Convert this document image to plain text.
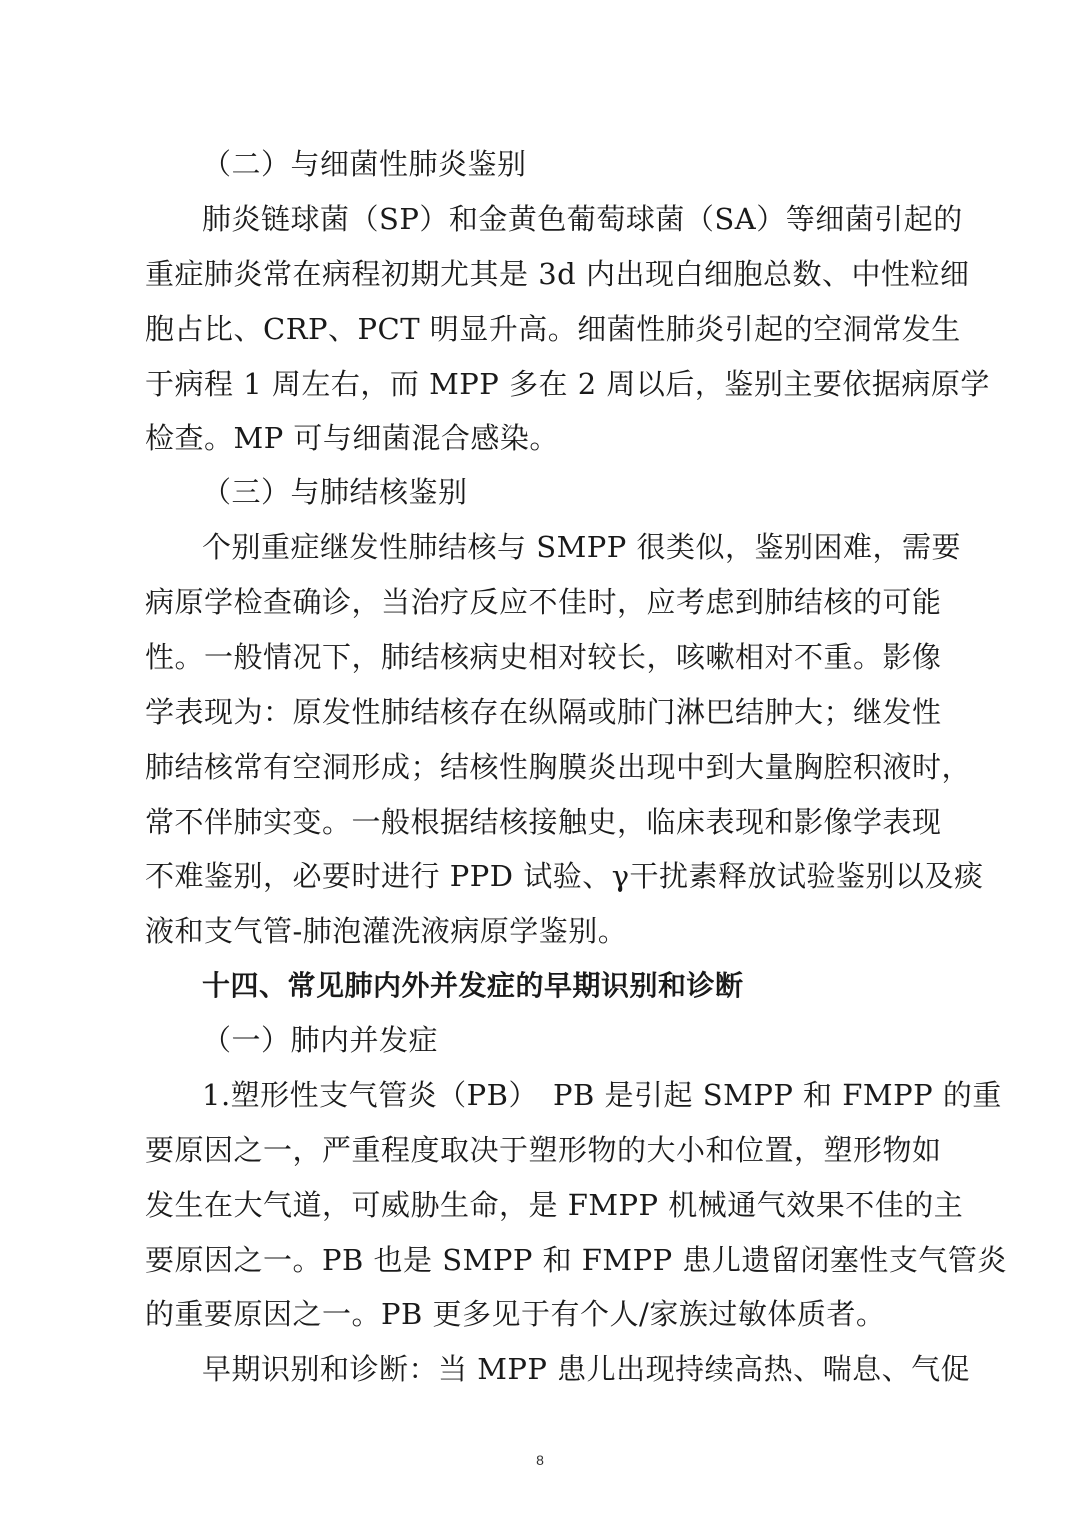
（二）与细菌性肺炎鉴别
肺炎链球菌（SP）和金黄色葡萄球菌（SA）等细菌引起的
重症肺炎常在病程初期尤其是 3d 内出现白细胞总数、中性粒细
胞占比、CRP、PCT 明显升高。细菌性肺炎引起的空洞常发生
于病程 1 周左右，而 MPP 多在 2 周以后，鉴别主要依据病原学
检查。MP 可与细菌混合感染。
（三）与肺结核鉴别
个别重症继发性肺结核与 SMPP 很类似，鉴别困难，需要
病原学检查确诊，当治疗反应不佳时，应考虑到肺结核的可能
性。一般情况下，肺结核病史相对较长，咳嗽相对不重。影像
学表现为：原发性肺结核存在纵隔或肺门淋巴结肿大；继发性
肺结核常有空洞形成；结核性胸膜炎出现中到大量胸腔积液时，
常不伴肺实变。一般根据结核接触史，临床表现和影像学表现
不难鉴别，必要时进行 PPD 试验、γ干扰素释放试验鉴别以及痰
液和支气管-肺泡灌洗液病原学鉴别。
十四、常见肺内外并发症的早期识别和诊断
（一）肺内并发症
1.塑形性支气管炎（PB）　PB 是引起 SMPP 和 FMPP 的重
要原因之一，严重程度取决于塑形物的大小和位置，塑形物如
发生在大气道，可威胁生命，是 FMPP 机械通气效果不佳的主
要原因之一。PB 也是 SMPP 和 FMPP 患儿遗留闭塞性支气管炎
的重要原因之一。PB 更多见于有个人/家族过敏体质者。
早期识别和诊断：当 MPP 患儿出现持续高热、喘息、气促
8
